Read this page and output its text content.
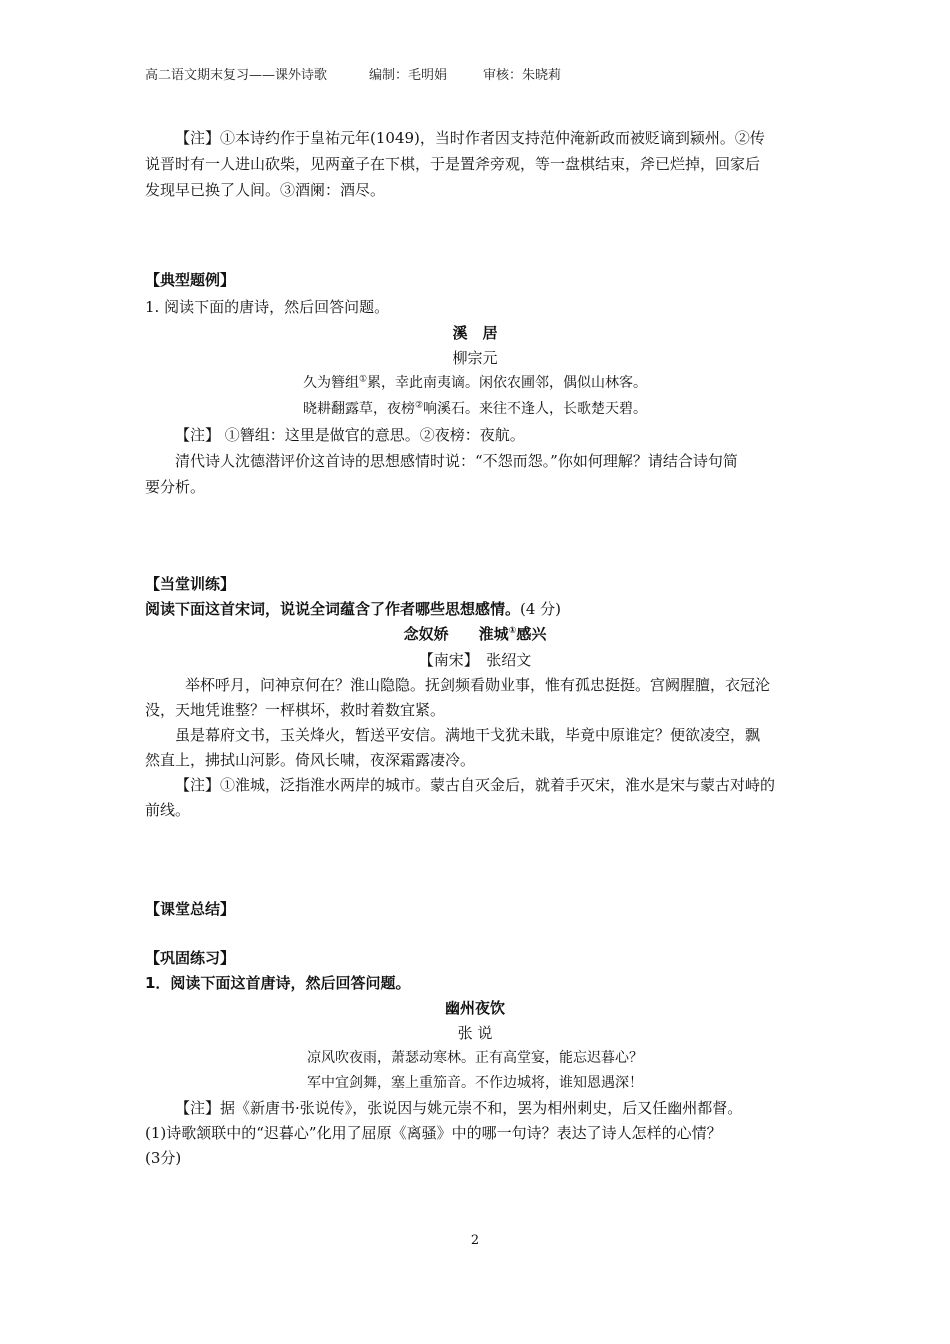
高二语文期末复习——课外诗歌	编制：毛明娟	审核：朱晓莉
【注】①本诗约作于皇祐元年(1049)，当时作者因支持范仲淹新政而被贬谪到颍州。②传
说晋时有一人进山砍柴，见两童子在下棋，于是置斧旁观，等一盘棋结束，斧已烂掉，回家后
发现早已换了人间。③酒阑：酒尽。
【典型题例】
1. 阅读下面的唐诗，然后回答问题。
溪　居
柳宗元
久为簪组①累，幸此南夷谪。闲依农圃邻，偶似山林客。
晓耕翻露草，夜榜②响溪石。来往不逢人，长歌楚天碧。
【注】 ①簪组：这里是做官的意思。②夜榜：夜航。
清代诗人沈德潜评价这首诗的思想感情时说：“不怨而怨。”你如何理解？请结合诗句简
要分析。
【当堂训练】
阅读下面这首宋词，说说全词蕴含了作者哪些思想感情。(4 分)
念奴娇　　淮城①感兴
【南宋】　张绍文
举杯呼月，问神京何在？淮山隐隐。抚剑频看勋业事，惟有孤忠挺挺。宫阙腥膻，衣冠沦
没，天地凭谁整？一枰棋坏，救时着数宜紧。
虽是幕府文书，玉关烽火，暂送平安信。满地干戈犹未戢，毕竟中原谁定？便欲凌空，飘
然直上，拂拭山河影。倚风长啸，夜深霜露凄冷。
【注】①淮城，泛指淮水两岸的城市。蒙古自灭金后，就着手灭宋，淮水是宋与蒙古对峙的
前线。
【课堂总结】
【巩固练习】
1．阅读下面这首唐诗，然后回答问题。
幽州夜饮
张 说
凉风吹夜雨，萧瑟动寒林。正有高堂宴，能忘迟暮心？
军中宜剑舞，塞上重笳音。不作边城将，谁知恩遇深！
【注】据《新唐书·张说传》，张说因与姚元崇不和，罢为相州刺史，后又任幽州都督。
(1)诗歌颔联中的“迟暮心”化用了屈原《离骚》中的哪一句诗？表达了诗人怎样的心情？
(3分)
2
